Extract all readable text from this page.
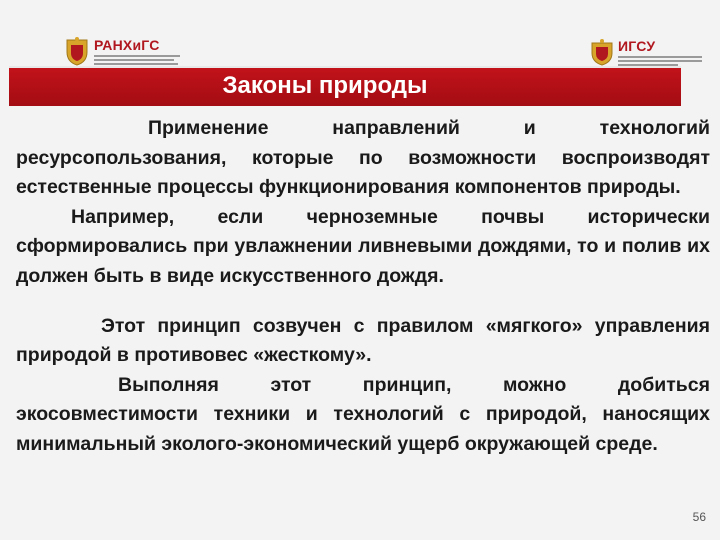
РАНХиГС	ИГСУ
Законы природы

Применение направлений и технологий ресурсопользования, которые по возможности воспроизводят естественные процессы функционирования компонентов природы.

Например, если черноземные почвы исторически сформировались при увлажнении ливневыми дождями, то и полив их должен быть в виде искусственного дождя.

Этот принцип созвучен с правилом «мягкого» управления природой в противовес «жесткому».

Выполняя этот принцип, можно добиться экосовместимости техники и технологий с природой, наносящих минимальный эколого-экономический ущерб окружающей среде.

56
